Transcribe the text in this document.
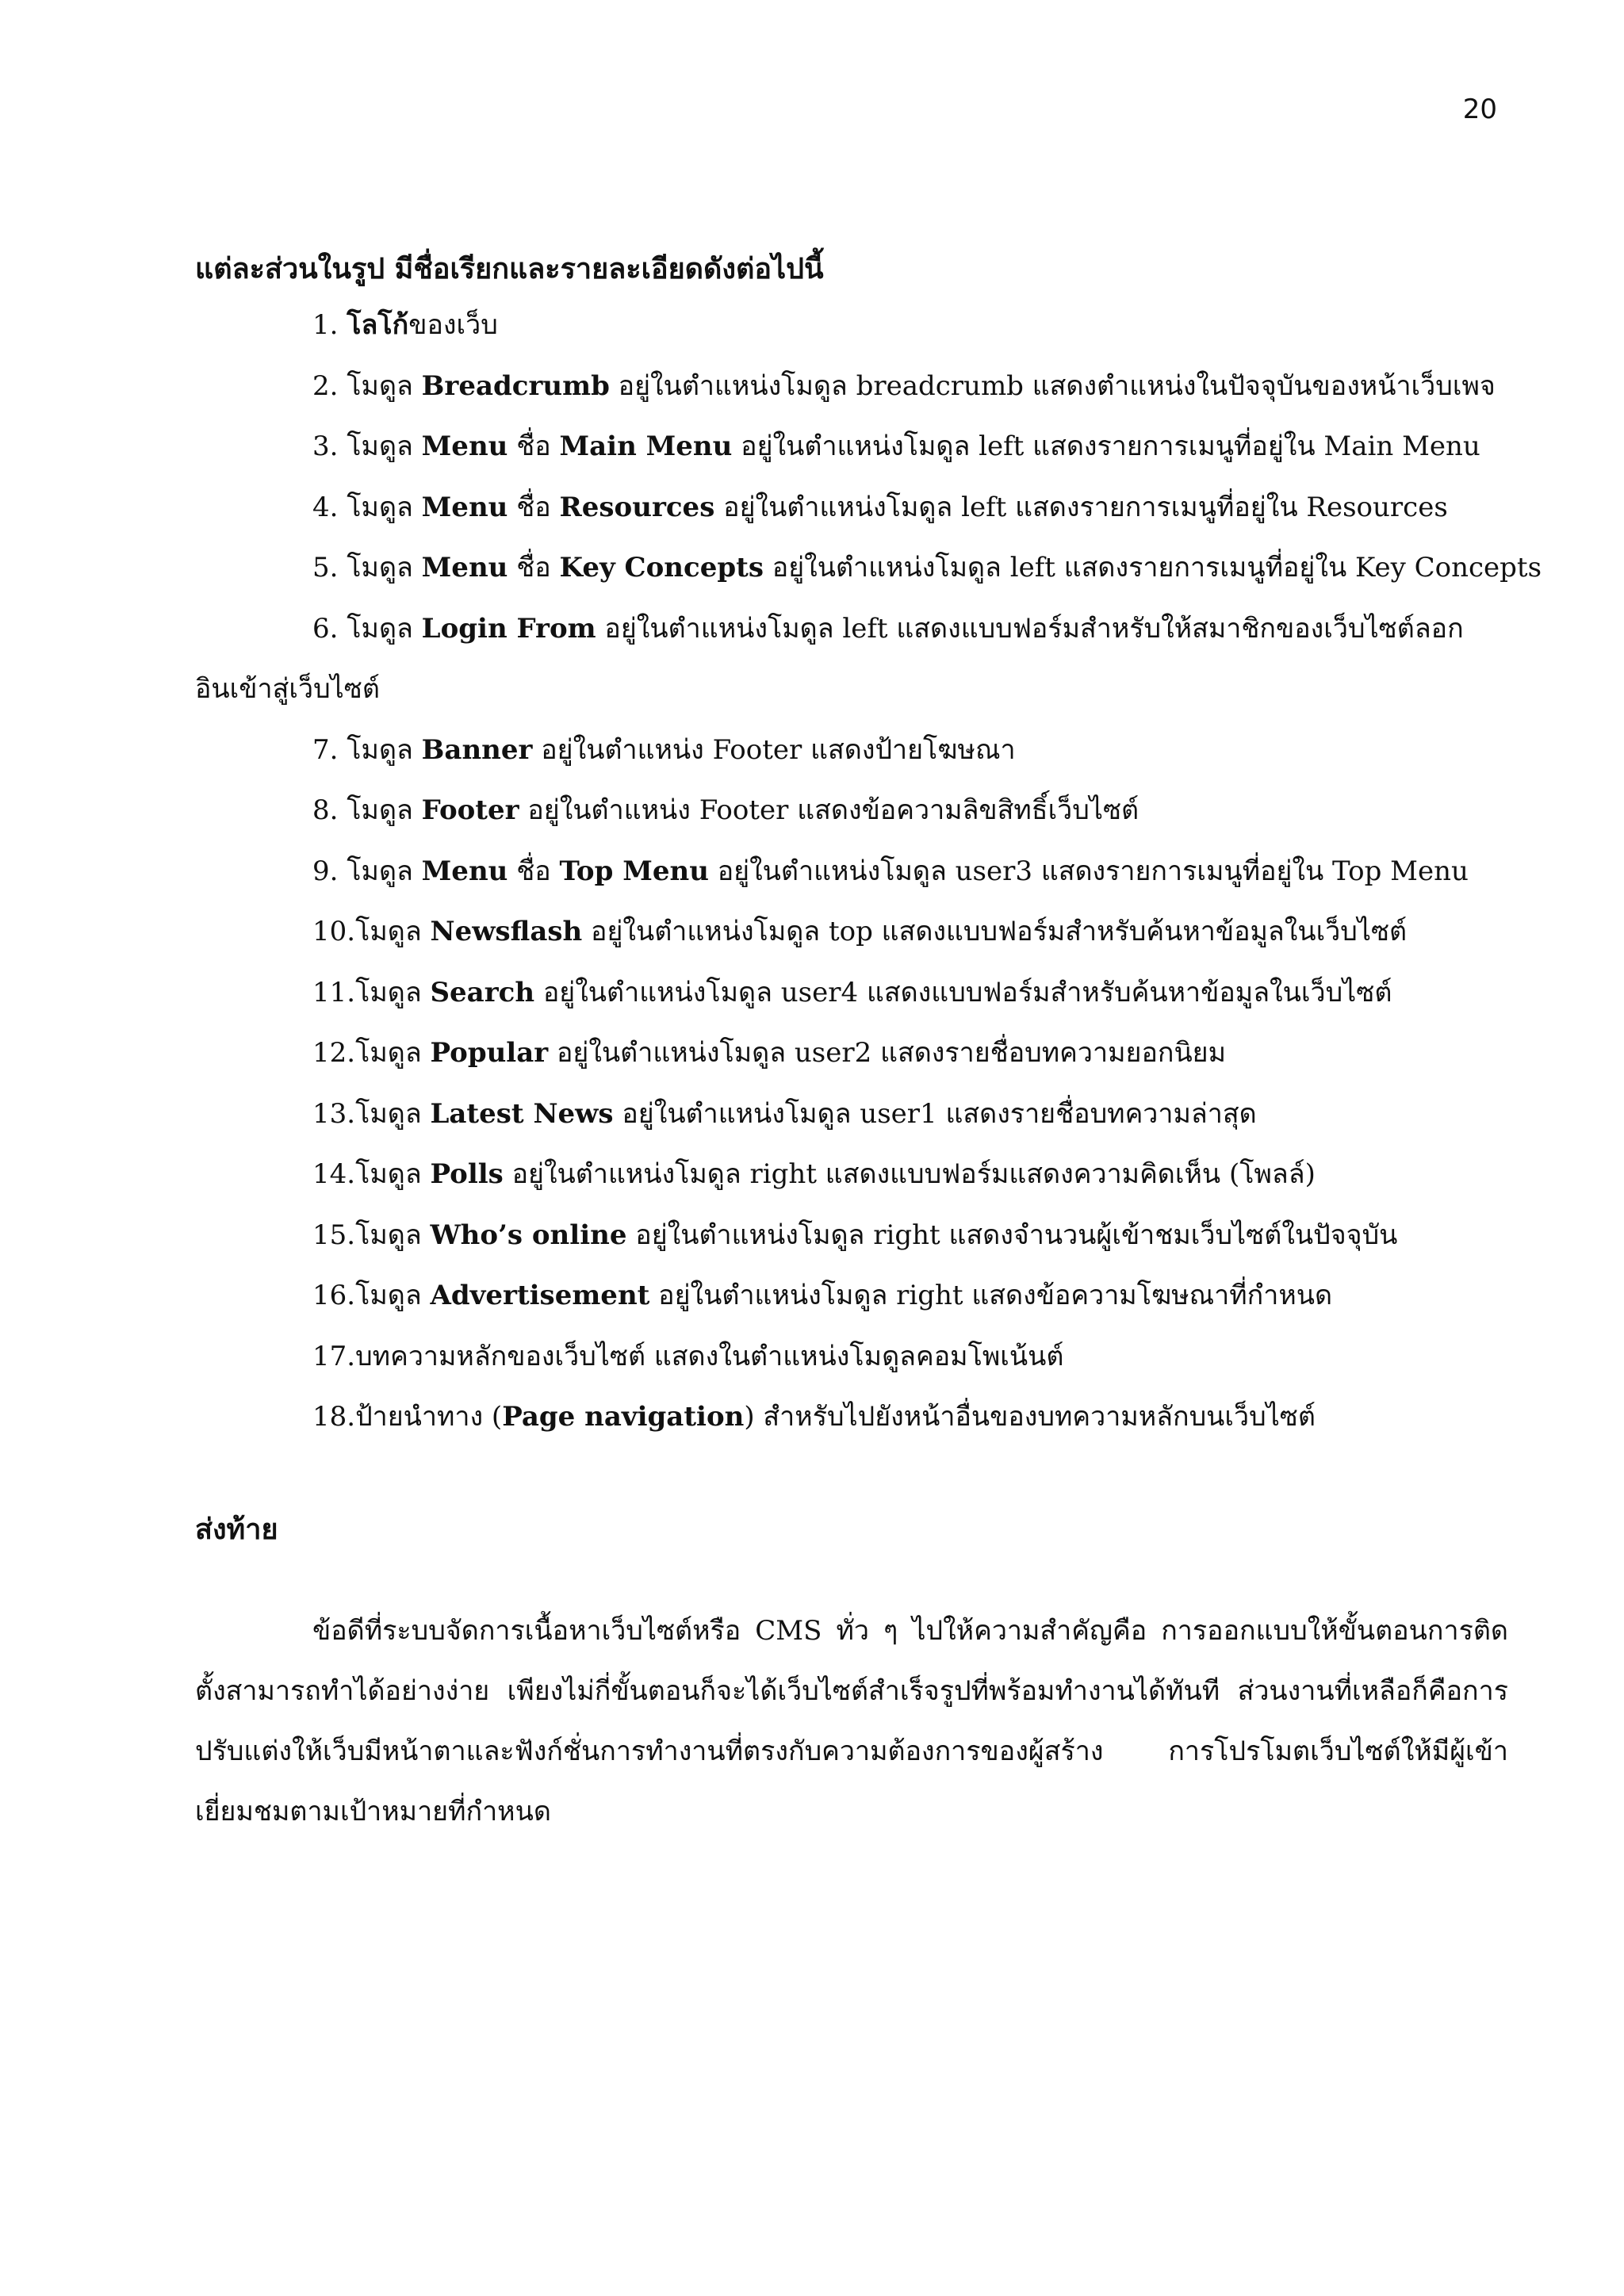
20
แต่ละส่วนในรูป มีชื่อเรียกและรายละเอียดดังต่อไปนี้
1. โลโก้ของเว็บ
2. โมดูล Breadcrumb อยู่ในตำแหน่งโมดูล breadcrumb แสดงตำแหน่งในปัจจุบันของหน้าเว็บเพจ
3. โมดูล Menu ชื่อ Main Menu อยู่ในตำแหน่งโมดูล left แสดงรายการเมนูที่อยู่ใน Main Menu
4. โมดูล Menu ชื่อ Resources อยู่ในตำแหน่งโมดูล left แสดงรายการเมนูที่อยู่ใน Resources
5. โมดูล Menu ชื่อ Key Concepts อยู่ในตำแหน่งโมดูล left แสดงรายการเมนูที่อยู่ใน Key Concepts
6. โมดูล Login From อยู่ในตำแหน่งโมดูล left แสดงแบบฟอร์มสำหรับให้สมาชิกของเว็บไซต์ลอก
อินเข้าสู่เว็บไซต์
7. โมดูล Banner อยู่ในตำแหน่ง Footer แสดงป้ายโฆษณา
8. โมดูล Footer อยู่ในตำแหน่ง Footer แสดงข้อความลิขสิทธิ์เว็บไซต์
9. โมดูล Menu ชื่อ Top Menu อยู่ในตำแหน่งโมดูล user3 แสดงรายการเมนูที่อยู่ใน Top Menu
10.โมดูล Newsflash อยู่ในตำแหน่งโมดูล top แสดงแบบฟอร์มสำหรับค้นหาข้อมูลในเว็บไซต์
11.โมดูล Search อยู่ในตำแหน่งโมดูล user4 แสดงแบบฟอร์มสำหรับค้นหาข้อมูลในเว็บไซต์
12.โมดูล Popular อยู่ในตำแหน่งโมดูล user2 แสดงรายชื่อบทความยอกนิยม
13.โมดูล Latest News อยู่ในตำแหน่งโมดูล user1 แสดงรายชื่อบทความล่าสุด
14.โมดูล Polls อยู่ในตำแหน่งโมดูล right แสดงแบบฟอร์มแสดงความคิดเห็น (โพลล์)
15.โมดูล Who’s online อยู่ในตำแหน่งโมดูล right แสดงจำนวนผู้เข้าชมเว็บไซต์ในปัจจุบัน
16.โมดูล Advertisement อยู่ในตำแหน่งโมดูล right แสดงข้อความโฆษณาที่กำหนด
17.บทความหลักของเว็บไซต์ แสดงในตำแหน่งโมดูลคอมโพเน้นต์
18.ป้ายนำทาง (Page navigation) สำหรับไปยังหน้าอื่นของบทความหลักบนเว็บไซต์
ส่งท้าย

ข้อดีที่ระบบจัดการเนื้อหาเว็บไซต์หรือ CMS ทั่ว ๆ ไปให้ความสำคัญคือ การออกแบบให้ขั้นตอนการติดตั้งสามารถทำได้อย่างง่าย เพียงไม่กี่ขั้นตอนก็จะได้เว็บไซต์สำเร็จรูปที่พร้อมทำงานได้ทันที ส่วนงานที่เหลือก็คือการปรับแต่งให้เว็บมีหน้าตาและฟังก์ชั่นการทำงานที่ตรงกับความต้องการของผู้สร้าง การโปรโมตเว็บไซต์ให้มีผู้เข้าเยี่ยมชมตามเป้าหมายที่กำหนด
